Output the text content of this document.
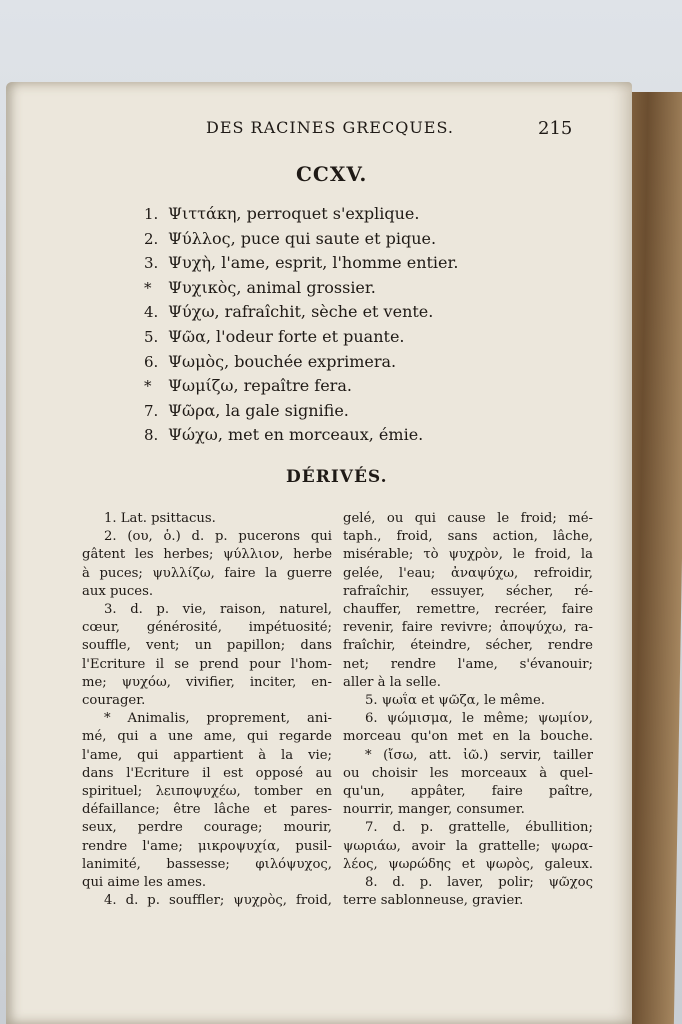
DES RACINES GRECQUES.	215
CCXV.
1. Ψιττάκη, perroquet s'explique.
2. Ψύλλος, puce qui saute et pique.
3. Ψυχὴ, l'ame, esprit, l'homme entier.
* Ψυχικὸς, animal grossier.
4. Ψύχω, rafraîchit, sèche et vente.
5. Ψῶα, l'odeur forte et puante.
6. Ψωμὸς, bouchée exprimera.
* Ψωμίζω, repaître fera.
7. Ψῶρα, la gale signifie.
8. Ψώχω, met en morceaux, émie.
DÉRIVÉS.
1. Lat. psittacus.
2. (ου, ὁ.) d. p. pucerons qui
gâtent les herbes; ψύλλιον, herbe
à puces; ψυλλίζω, faire la guerre
aux puces.
3. d. p. vie, raison, naturel,
cœur, générosité, impétuosité;
souffle, vent; un papillon; dans
l'Ecriture il se prend pour l'hom-
me; ψυχόω, vivifier, inciter, en-
courager.
* Animalis, proprement, ani-
mé, qui a une ame, qui regarde
l'ame, qui appartient à la vie;
dans l'Ecriture il est opposé au
spirituel; λειποψυχέω, tomber en
défaillance; être lâche et pares-
seux, perdre courage; mourir,
rendre l'ame; μικροψυχία, pusil-
lanimité, bassesse; φιλόψυχος,
qui aime les ames.
4. d. p. souffler; ψυχρὸς, froid,
gelé, ou qui cause le froid; mé-
taph., froid, sans action, lâche,
misérable; τὸ ψυχρὸν, le froid, la
gelée, l'eau; ἀναψύχω, refroidir,
rafraîchir, essuyer, sécher, ré-
chauffer, remettre, recréer, faire
revenir, faire revivre; ἀποψύχω, ra-
fraîchir, éteindre, sécher, rendre
net; rendre l'ame, s'évanouir;
aller à la selle.
5. ψωΐα et ψῶζα, le même.
6. ψώμισμα, le même; ψωμίον,
morceau qu'on met en la bouche.
* (ἴσω, att. ἰῶ.) servir, tailler
ou choisir les morceaux à quel-
qu'un, appâter, faire paître,
nourrir, manger, consumer.
7. d. p. grattelle, ébullition;
ψωριάω, avoir la grattelle; ψωρα-
λέος, ψωρώδης et ψωρὸς, galeux.
8. d. p. laver, polir; ψῶχος
terre sablonneuse, gravier.
